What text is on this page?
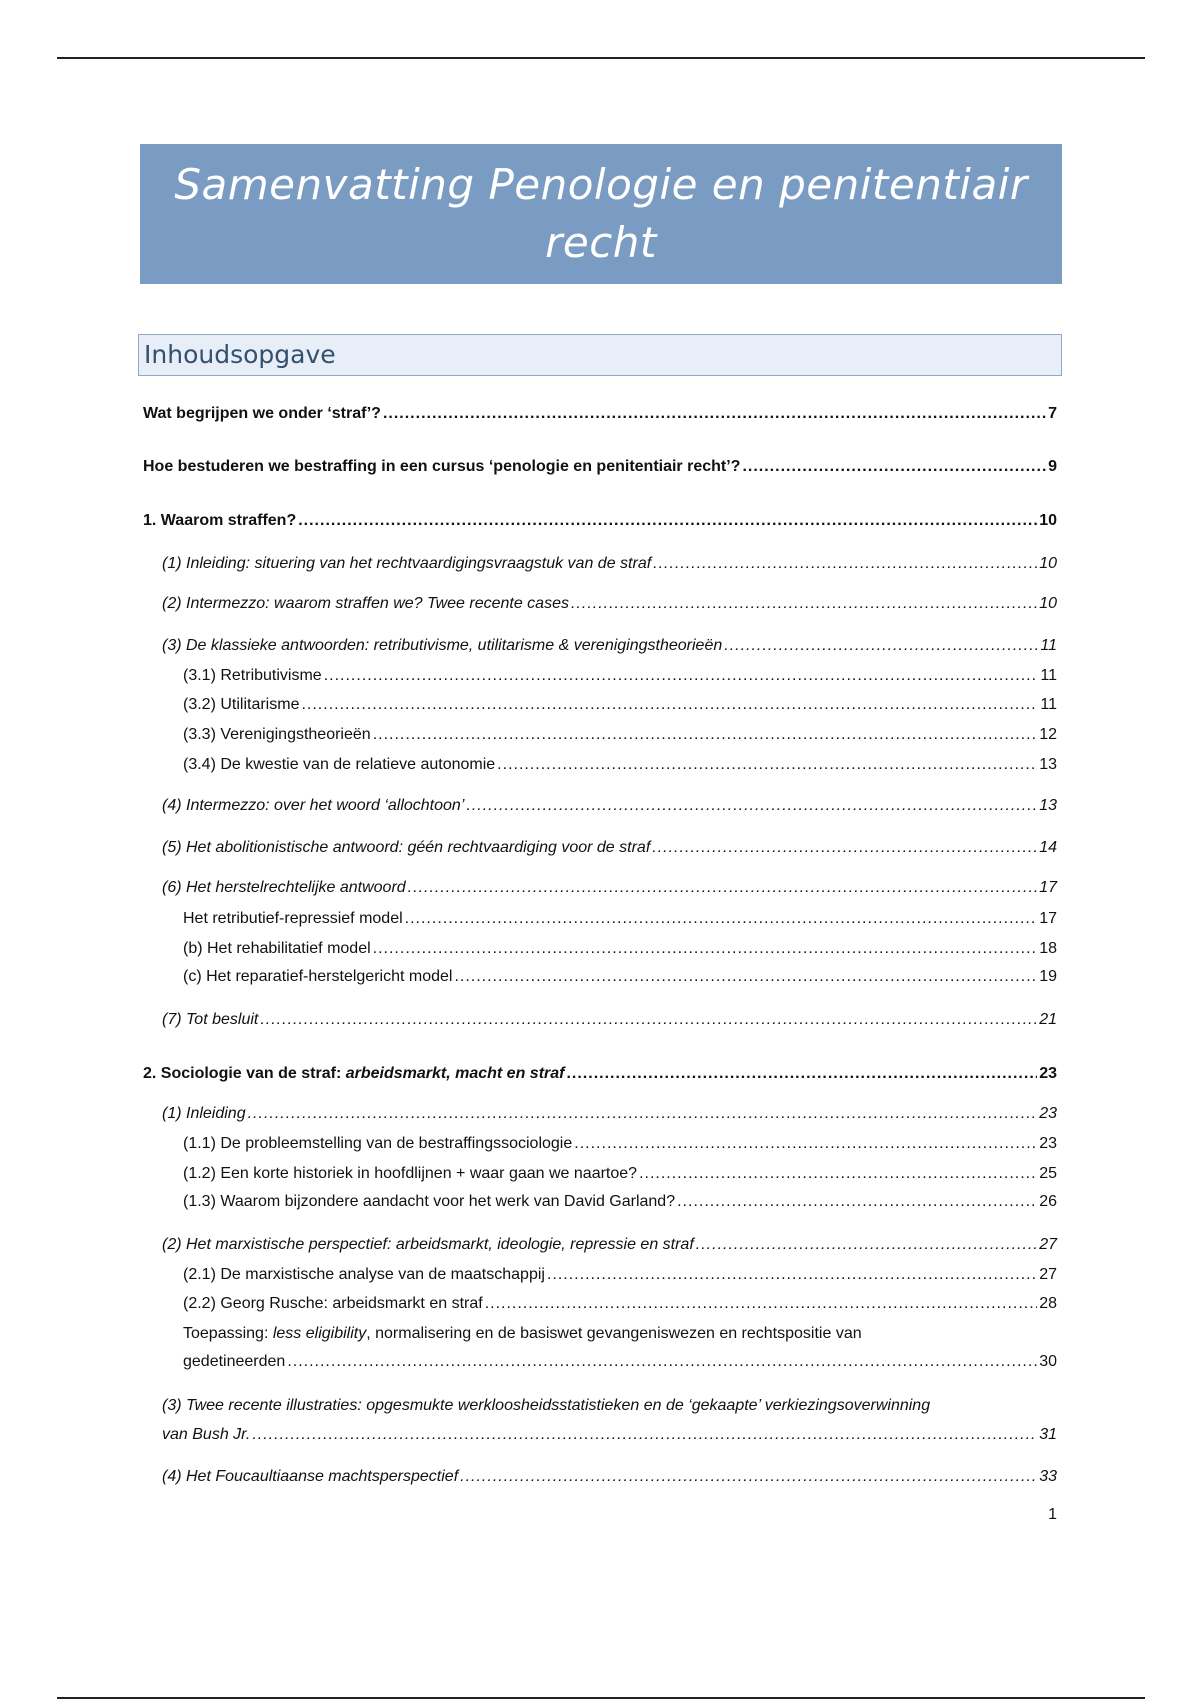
Samenvatting Penologie en penitentiair
recht
Inhoudsopgave
Wat begrijpen we onder ‘straf’? .....	7
Hoe bestuderen we bestraffing in een cursus ‘penologie en penitentiair recht’? .....	9
1. Waarom straffen? .....	10
(1) Inleiding: situering van het rechtvaardigingsvraagstuk van de straf .....	10
(2) Intermezzo: waarom straffen we? Twee recente cases .....	10
(3) De klassieke antwoorden: retributivisme, utilitarisme & verenigingstheorieën .....	11
(3.1) Retributivisme .....	11
(3.2) Utilitarisme .....	11
(3.3) Verenigingstheorieën .....	12
(3.4) De kwestie van de relatieve autonomie .....	13
(4) Intermezzo: over het woord ‘allochtoon’ .....	13
(5) Het abolitionistische antwoord: géén rechtvaardiging voor de straf .....	14
(6) Het herstelrechtelijke antwoord .....	17
Het retributief-repressief model .....	17
(b) Het rehabilitatief model .....	18
(c) Het reparatief-herstelgericht model .....	19
(7) Tot besluit .....	21
2. Sociologie van de straf: arbeidsmarkt, macht en straf .....	23
(1) Inleiding .....	23
(1.1) De probleemstelling van de bestraffingssociologie .....	23
(1.2) Een korte historiek in hoofdlijnen + waar gaan we naartoe? .....	25
(1.3) Waarom bijzondere aandacht voor het werk van David Garland? .....	26
(2) Het marxistische perspectief: arbeidsmarkt, ideologie, repressie en straf .....	27
(2.1) De marxistische analyse van de maatschappij .....	27
(2.2) Georg Rusche: arbeidsmarkt en straf .....	28
Toepassing: less eligibility, normalisering en de basiswet gevangeniswezen en rechtspositie van
gedetineerden .....	30
(3) Twee recente illustraties: opgesmukte werkloosheidsstatistieken en de ‘gekaapte’ verkiezingsoverwinning
van Bush Jr. .....	31
(4) Het Foucaultiaanse machtsperspectief .....	33
1
